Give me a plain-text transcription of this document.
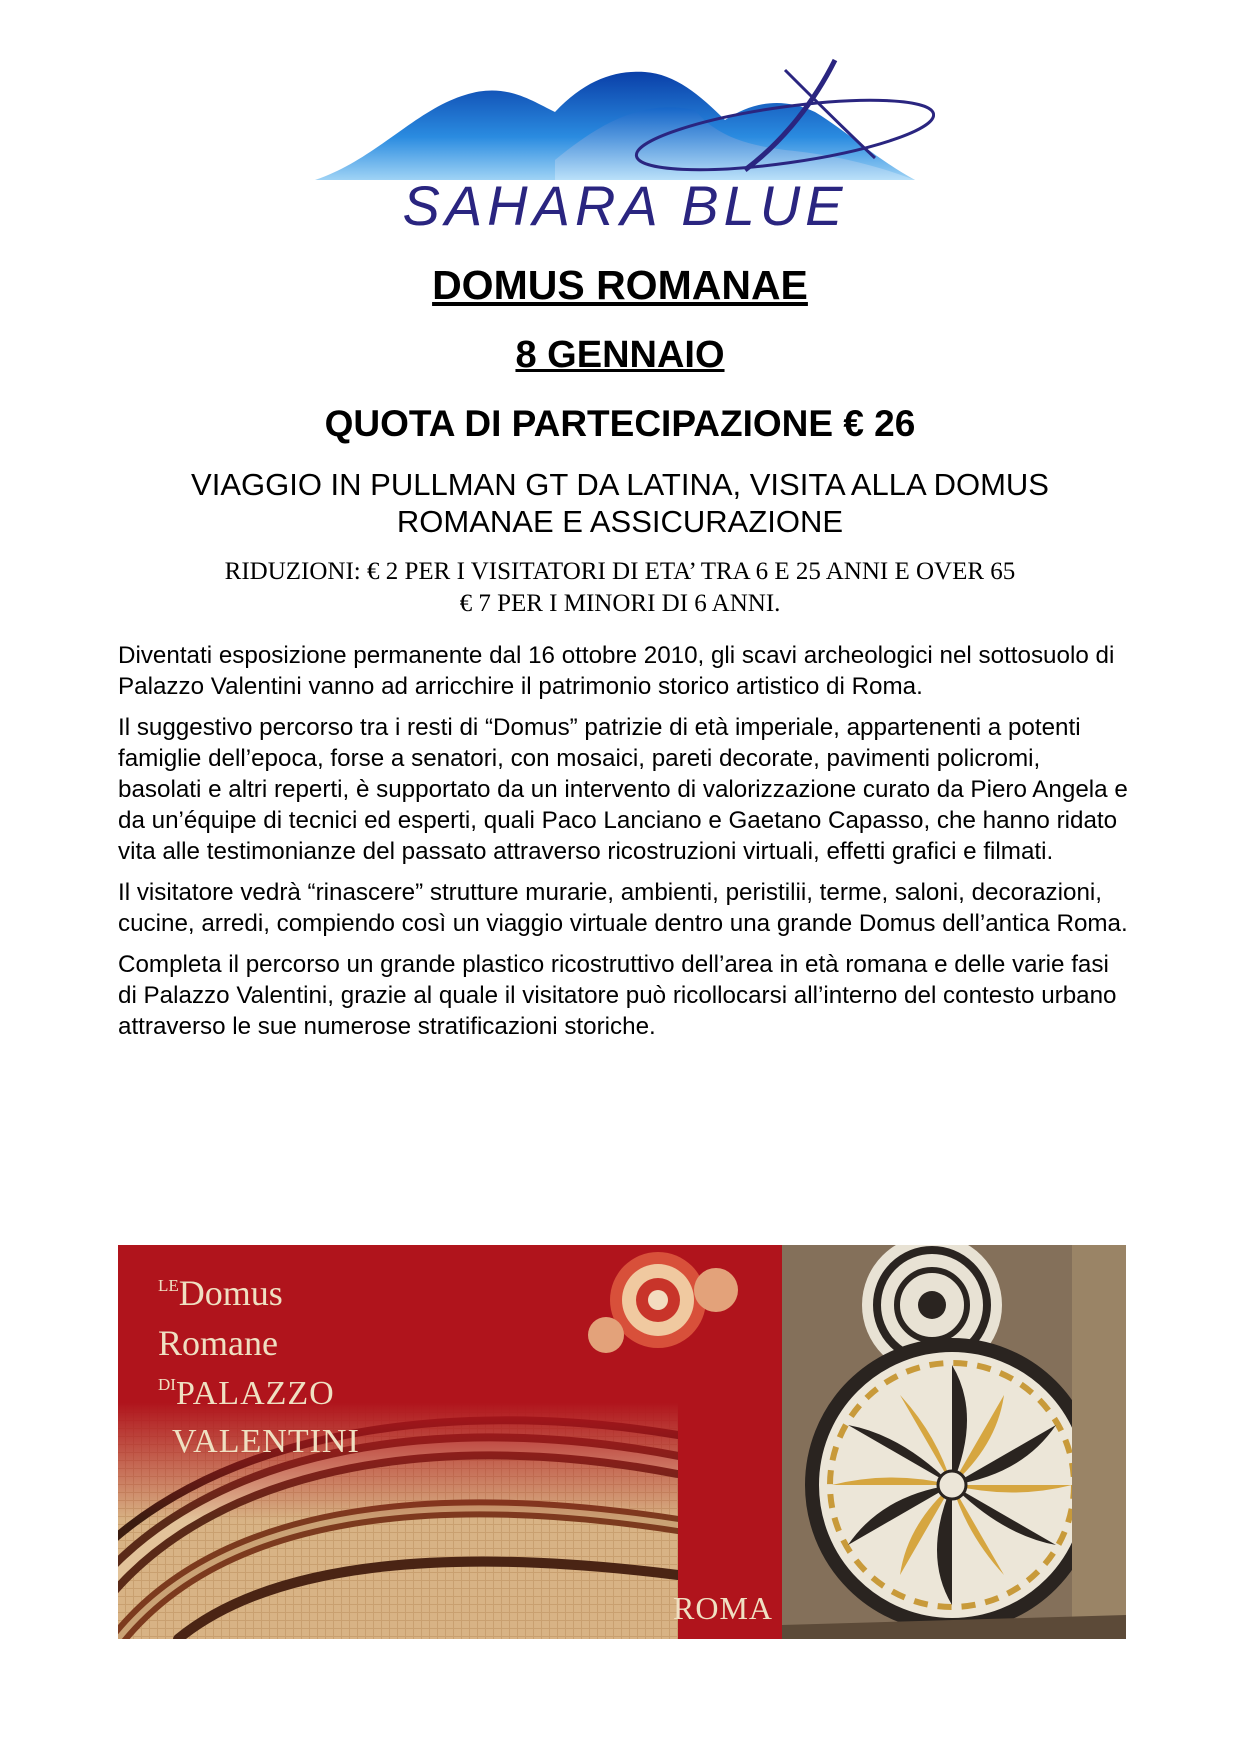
SAHARA BLUE
DOMUS ROMANAE
8 GENNAIO
QUOTA DI PARTECIPAZIONE € 26
VIAGGIO IN PULLMAN GT DA LATINA, VISITA ALLA DOMUS
ROMANAE E ASSICURAZIONE
RIDUZIONI: € 2 PER I VISITATORI DI ETA’ TRA 6 E 25 ANNI E OVER 65
€ 7 PER I MINORI DI 6 ANNI.

Diventati esposizione permanente dal 16 ottobre 2010, gli scavi archeologici nel sottosuolo di Palazzo Valentini vanno ad arricchire il patrimonio storico artistico di Roma.

Il suggestivo percorso tra i resti di “Domus” patrizie di età imperiale, appartenenti a potenti famiglie dell’epoca, forse a senatori, con mosaici, pareti decorate, pavimenti policromi, basolati e altri reperti, è supportato da un intervento di valorizzazione curato da Piero Angela e da un’équipe di tecnici ed esperti, quali Paco Lanciano e Gaetano Capasso, che hanno ridato vita alle testimonianze del passato attraverso ricostruzioni virtuali, effetti grafici e filmati.

Il visitatore vedrà “rinascere” strutture murarie, ambienti, peristilii, terme, saloni, decorazioni, cucine, arredi, compiendo così un viaggio virtuale dentro una grande Domus dell’antica Roma.

Completa il percorso un grande plastico ricostruttivo dell’area in età romana e delle varie fasi di Palazzo Valentini, grazie al quale il visitatore può ricollocarsi all’interno del contesto urbano attraverso le sue numerose stratificazioni storiche.

LEDomus
Romane
DIPALAZZO
VALENTINI
ROMA
